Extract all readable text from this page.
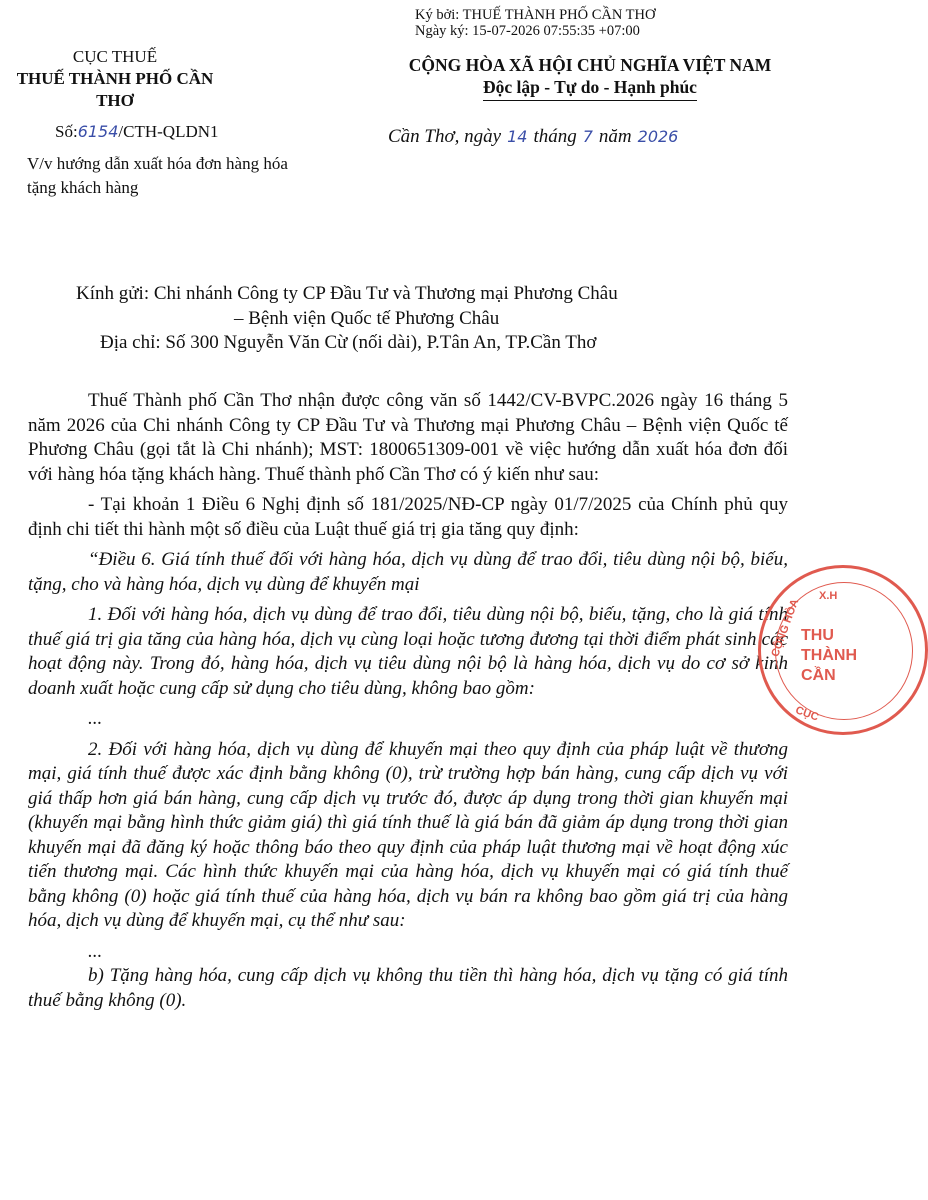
Ký bởi: THUẾ THÀNH PHỐ CẦN THƠ
Ngày ký: 15-07-2026 07:55:35 +07:00
CỤC THUẾ
THUẾ THÀNH PHỐ CẦN THƠ
CỘNG HÒA XÃ HỘI CHỦ NGHĨA VIỆT NAM
Độc lập - Tự do - Hạnh phúc
Số:6154/CTH-QLDN1
V/v hướng dẫn xuất hóa đơn hàng hóa
tặng khách hàng
Cần Thơ, ngày 14 tháng 7 năm 2026
Kính gửi: Chi nhánh Công ty CP Đầu Tư và Thương mại Phương Châu
– Bệnh viện Quốc tế Phương Châu
Địa chỉ: Số 300 Nguyễn Văn Cừ (nối dài), P.Tân An, TP.Cần Thơ

Thuế Thành phố Cần Thơ nhận được công văn số 1442/CV-BVPC.2026 ngày 16 tháng 5 năm 2026 của Chi nhánh Công ty CP Đầu Tư và Thương mại Phương Châu – Bệnh viện Quốc tế Phương Châu (gọi tắt là Chi nhánh); MST: 1800651309-001 về việc hướng dẫn xuất hóa đơn đối với hàng hóa tặng khách hàng. Thuế thành phố Cần Thơ có ý kiến như sau:

- Tại khoản 1 Điều 6 Nghị định số 181/2025/NĐ-CP ngày 01/7/2025 của Chính phủ quy định chi tiết thi hành một số điều của Luật thuế giá trị gia tăng quy định:

“Điều 6. Giá tính thuế đối với hàng hóa, dịch vụ dùng để trao đổi, tiêu dùng nội bộ, biếu, tặng, cho và hàng hóa, dịch vụ dùng để khuyến mại

1. Đối với hàng hóa, dịch vụ dùng để trao đổi, tiêu dùng nội bộ, biếu, tặng, cho là giá tính thuế giá trị gia tăng của hàng hóa, dịch vụ cùng loại hoặc tương đương tại thời điểm phát sinh các hoạt động này. Trong đó, hàng hóa, dịch vụ tiêu dùng nội bộ là hàng hóa, dịch vụ do cơ sở kinh doanh xuất hoặc cung cấp sử dụng cho tiêu dùng, không bao gồm:

...

2. Đối với hàng hóa, dịch vụ dùng để khuyến mại theo quy định của pháp luật về thương mại, giá tính thuế được xác định bằng không (0), trừ trường hợp bán hàng, cung cấp dịch vụ với giá thấp hơn giá bán hàng, cung cấp dịch vụ trước đó, được áp dụng trong thời gian khuyến mại (khuyến mại bằng hình thức giảm giá) thì giá tính thuế là giá bán đã giảm áp dụng trong thời gian khuyến mại đã đăng ký hoặc thông báo theo quy định của pháp luật thương mại về hoạt động xúc tiến thương mại. Các hình thức khuyến mại của hàng hóa, dịch vụ khuyến mại có giá tính thuế bằng không (0) hoặc giá tính thuế của hàng hóa, dịch vụ bán ra không bao gồm giá trị của hàng hóa, dịch vụ dùng để khuyến mại, cụ thể như sau:

...

b) Tặng hàng hóa, cung cấp dịch vụ không thu tiền thì hàng hóa, dịch vụ tặng có giá tính thuế bằng không (0).

X.H
CỘNG HÒA
CỤC
THU
THÀNH
CẦN
